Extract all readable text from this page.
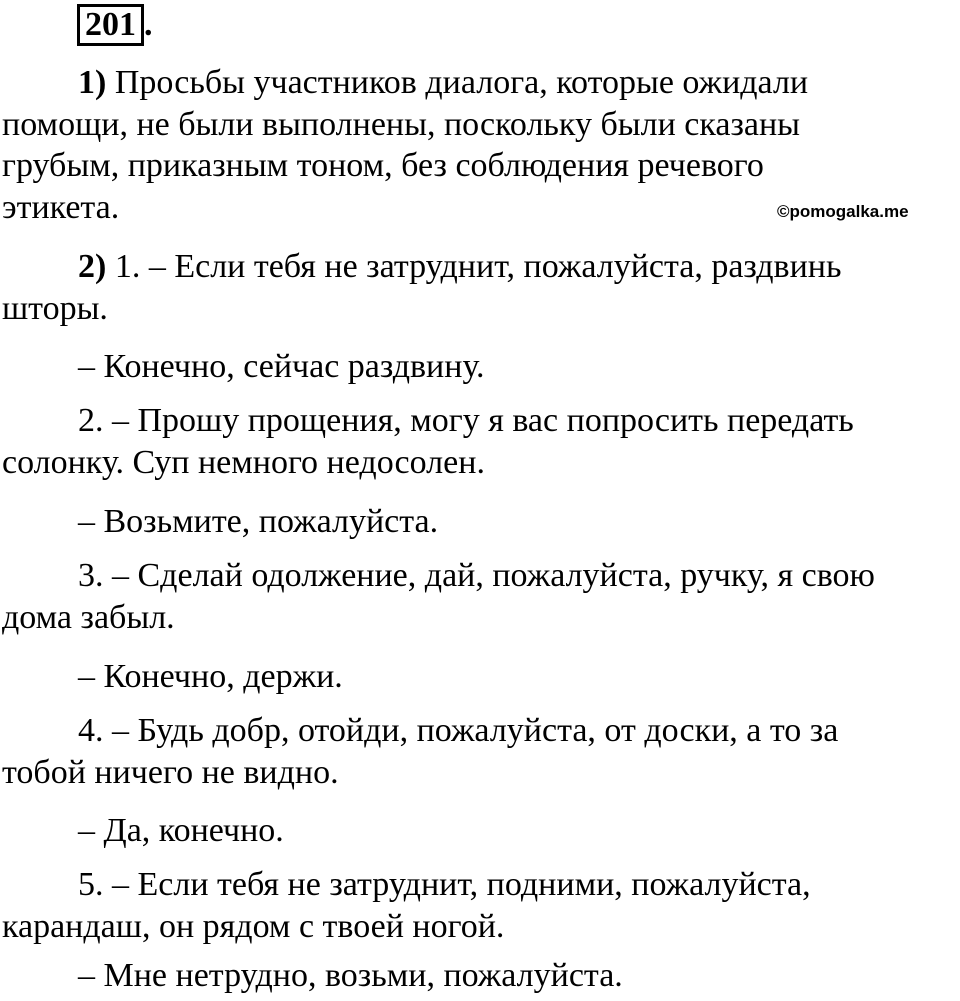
201 .

1) Просьбы участников диалога, которые ожидали
помощи, не были выполнены, поскольку были сказаны
грубым, приказным тоном, без соблюдения речевого
этикета.	©pomogalka.me

2) 1. – Если тебя не затруднит, пожалуйста, раздвинь
шторы.

– Конечно, сейчас раздвину.

2. – Прошу прощения, могу я вас попросить передать
солонку. Суп немного недосолен.

– Возьмите, пожалуйста.

3. – Сделай одолжение, дай, пожалуйста, ручку, я свою
дома забыл.

– Конечно, держи.

4. – Будь добр, отойди, пожалуйста, от доски, а то за
тобой ничего не видно.

– Да, конечно.

5. – Если тебя не затруднит, подними, пожалуйста,
карандаш, он рядом с твоей ногой.

– Мне нетрудно, возьми, пожалуйста.
